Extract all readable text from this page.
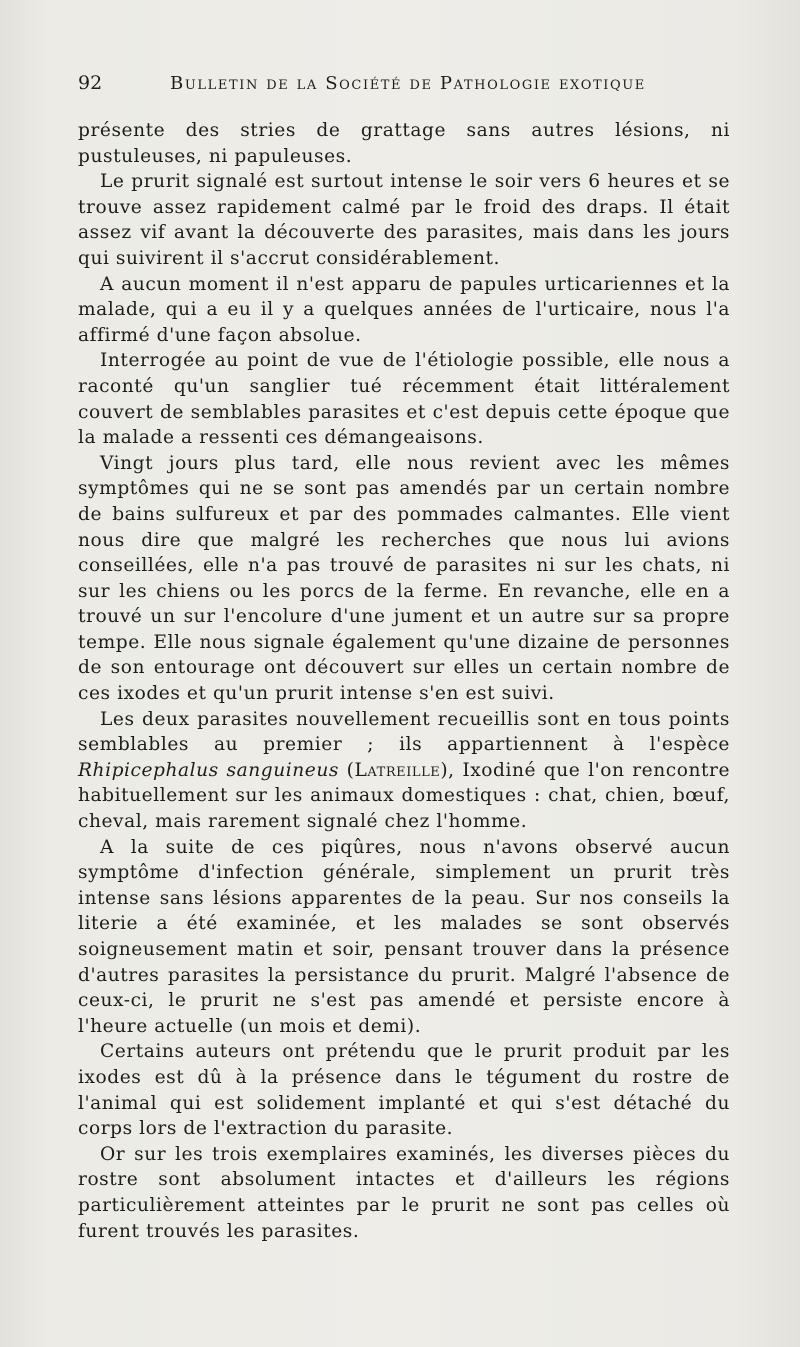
92	Bulletin de la Société de Pathologie exotique

présente des stries de grattage sans autres lésions, ni pustuleuses, ni papuleuses.

Le prurit signalé est surtout intense le soir vers 6 heures et se trouve assez rapidement calmé par le froid des draps. Il était assez vif avant la découverte des parasites, mais dans les jours qui suivirent il s'accrut considérablement.

A aucun moment il n'est apparu de papules urticariennes et la malade, qui a eu il y a quelques années de l'urticaire, nous l'a affirmé d'une façon absolue.

Interrogée au point de vue de l'étiologie possible, elle nous a raconté qu'un sanglier tué récemment était littéralement couvert de semblables parasites et c'est depuis cette époque que la malade a ressenti ces démangeaisons.

Vingt jours plus tard, elle nous revient avec les mêmes symptômes qui ne se sont pas amendés par un certain nombre de bains sulfureux et par des pommades calmantes. Elle vient nous dire que malgré les recherches que nous lui avions conseillées, elle n'a pas trouvé de parasites ni sur les chats, ni sur les chiens ou les porcs de la ferme. En revanche, elle en a trouvé un sur l'encolure d'une jument et un autre sur sa propre tempe. Elle nous signale également qu'une dizaine de personnes de son entourage ont découvert sur elles un certain nombre de ces ixodes et qu'un prurit intense s'en est suivi.

Les deux parasites nouvellement recueillis sont en tous points semblables au premier ; ils appartiennent à l'espèce Rhipicephalus sanguineus (Latreille), Ixodiné que l'on rencontre habituellement sur les animaux domestiques : chat, chien, bœuf, cheval, mais rarement signalé chez l'homme.

A la suite de ces piqûres, nous n'avons observé aucun symptôme d'infection générale, simplement un prurit très intense sans lésions apparentes de la peau. Sur nos conseils la literie a été examinée, et les malades se sont observés soigneusement matin et soir, pensant trouver dans la présence d'autres parasites la persistance du prurit. Malgré l'absence de ceux-ci, le prurit ne s'est pas amendé et persiste encore à l'heure actuelle (un mois et demi).

Certains auteurs ont prétendu que le prurit produit par les ixodes est dû à la présence dans le tégument du rostre de l'animal qui est solidement implanté et qui s'est détaché du corps lors de l'extraction du parasite.

Or sur les trois exemplaires examinés, les diverses pièces du rostre sont absolument intactes et d'ailleurs les régions particulièrement atteintes par le prurit ne sont pas celles où furent trouvés les parasites.
